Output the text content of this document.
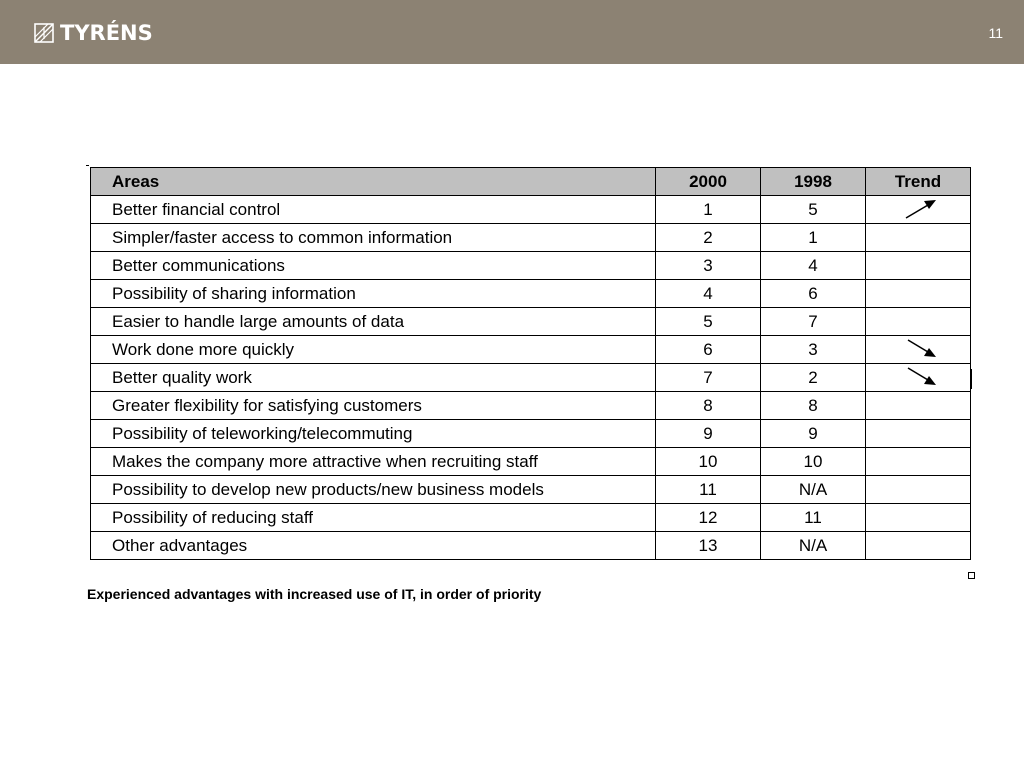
TYRÉNS	11
Areas	2000	1998	Trend
Better financial control	1	5	

Simpler/faster access to common information	2	1	
Better communications	3	4	
Possibility of sharing information	4	6	
Easier to handle large amounts of data	5	7	
Work done more quickly	6	3	

Better quality work	7	2	

Greater flexibility for satisfying customers	8	8	
Possibility of teleworking/telecommuting	9	9	
Makes the company more attractive when recruiting staff	10	10	
Possibility to develop new products/new business models	11	N/A	
Possibility of reducing staff	12	11	
Other advantages	13	N/A	
Experienced advantages with increased use of IT, in order of priority
